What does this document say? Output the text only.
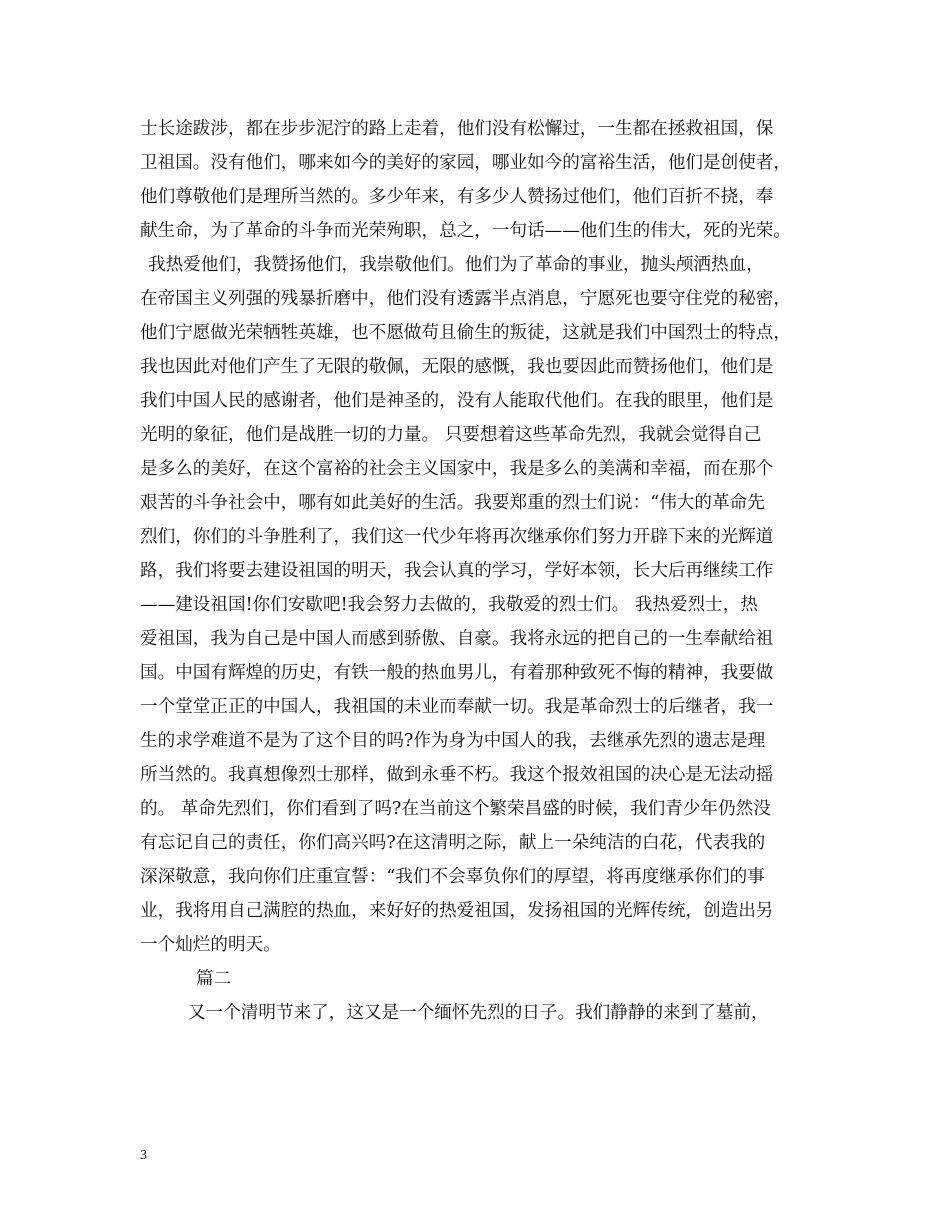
士长途跋涉，都在步步泥泞的路上走着，他们没有松懈过，一生都在拯救祖国，保
卫祖国。没有他们，哪来如今的美好的家园，哪业如今的富裕生活，他们是创使者，
他们尊敬他们是理所当然的。多少年来，有多少人赞扬过他们，他们百折不挠，奉
献生命，为了革命的斗争而光荣殉职，总之，一句话——他们生的伟大，死的光荣。
我热爱他们，我赞扬他们，我崇敬他们。他们为了革命的事业，抛头颅洒热血，
在帝国主义列强的残暴折磨中，他们没有透露半点消息，宁愿死也要守住党的秘密，
他们宁愿做光荣牺牲英雄，也不愿做苟且偷生的叛徒，这就是我们中国烈士的特点，
我也因此对他们产生了无限的敬佩，无限的感慨，我也要因此而赞扬他们，他们是
我们中国人民的感谢者，他们是神圣的，没有人能取代他们。在我的眼里，他们是
光明的象征，他们是战胜一切的力量。 只要想着这些革命先烈，我就会觉得自己
是多么的美好，在这个富裕的社会主义国家中，我是多么的美满和幸福，而在那个
艰苦的斗争社会中，哪有如此美好的生活。我要郑重的烈士们说：“伟大的革命先
烈们，你们的斗争胜利了，我们这一代少年将再次继承你们努力开辟下来的光辉道
路，我们将要去建设祖国的明天，我会认真的学习，学好本领，长大后再继续工作
——建设祖国!你们安歇吧!我会努力去做的，我敬爱的烈士们。 我热爱烈士，热
爱祖国，我为自己是中国人而感到骄傲、自豪。我将永远的把自己的一生奉献给祖
国。中国有辉煌的历史，有铁一般的热血男儿，有着那种致死不悔的精神，我要做
一个堂堂正正的中国人，我祖国的未业而奉献一切。我是革命烈士的后继者，我一
生的求学难道不是为了这个目的吗?作为身为中国人的我，去继承先烈的遗志是理
所当然的。我真想像烈士那样，做到永垂不朽。我这个报效祖国的决心是无法动摇
的。 革命先烈们，你们看到了吗?在当前这个繁荣昌盛的时候，我们青少年仍然没
有忘记自己的责任，你们高兴吗?在这清明之际，献上一朵纯洁的白花，代表我的
深深敬意，我向你们庄重宣誓：“我们不会辜负你们的厚望，将再度继承你们的事
业，我将用自己满腔的热血，来好好的热爱祖国，发扬祖国的光辉传统，创造出另
一个灿烂的明天。
篇二
又一个清明节来了，这又是一个缅怀先烈的日子。我们静静的来到了墓前，
3
